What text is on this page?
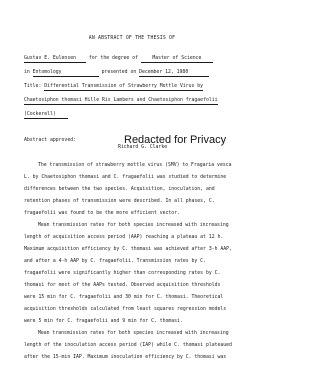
AN ABSTRACT OF THE THESIS OF
Gustav E. Eulensen	for the degree of	Master of Science
in Entomology	presented on December 12, 1980
Title: Differential Transmission of Strawberry Mottle Virus by
Chaetosiphon thomasi Hille Ris Lambers and Chaetosiphon fragaefolii
(Cockerell)
Abstract approved:	Redacted for Privacy
Richard G. Clarke
The transmission of strawberry mottle virus (SMV) to Fragaria vesca
L. by Chaetosiphon thomasi and C. fragaefolii was studied to determine
differences between the two species. Acquisition, inoculation, and
retention phases of transmission were described. In all phases, C.
fragaefolii was found to be the more efficient vector.
Mean transmission rates for both species increased with increasing
length of acquisition access period (AAP) reaching a plateau at 12 h.
Maximum acquisition efficiency by C. thomasi was achieved after 3-h AAP,
and after a 4-h AAP by C. fragaefolii. Transmission rates by C.
fragaefolii were significantly higher than corresponding rates by C.
thomasi for most of the AAPs tested. Observed acquisition thresholds
were 15 min for C. fragaefolii and 30 min for C. thomasi. Theoretical
acquisition thresholds calculated from least squares regression models
were 5 min for C. fragaefolii and 9 min for C. thomasi.
Mean transmission rates for both species increased with increasing
length of the inoculation access period (IAP) while C. thomasi plateaued
after the 15-min IAP. Maximum inoculation efficiency by C. thomasi was
